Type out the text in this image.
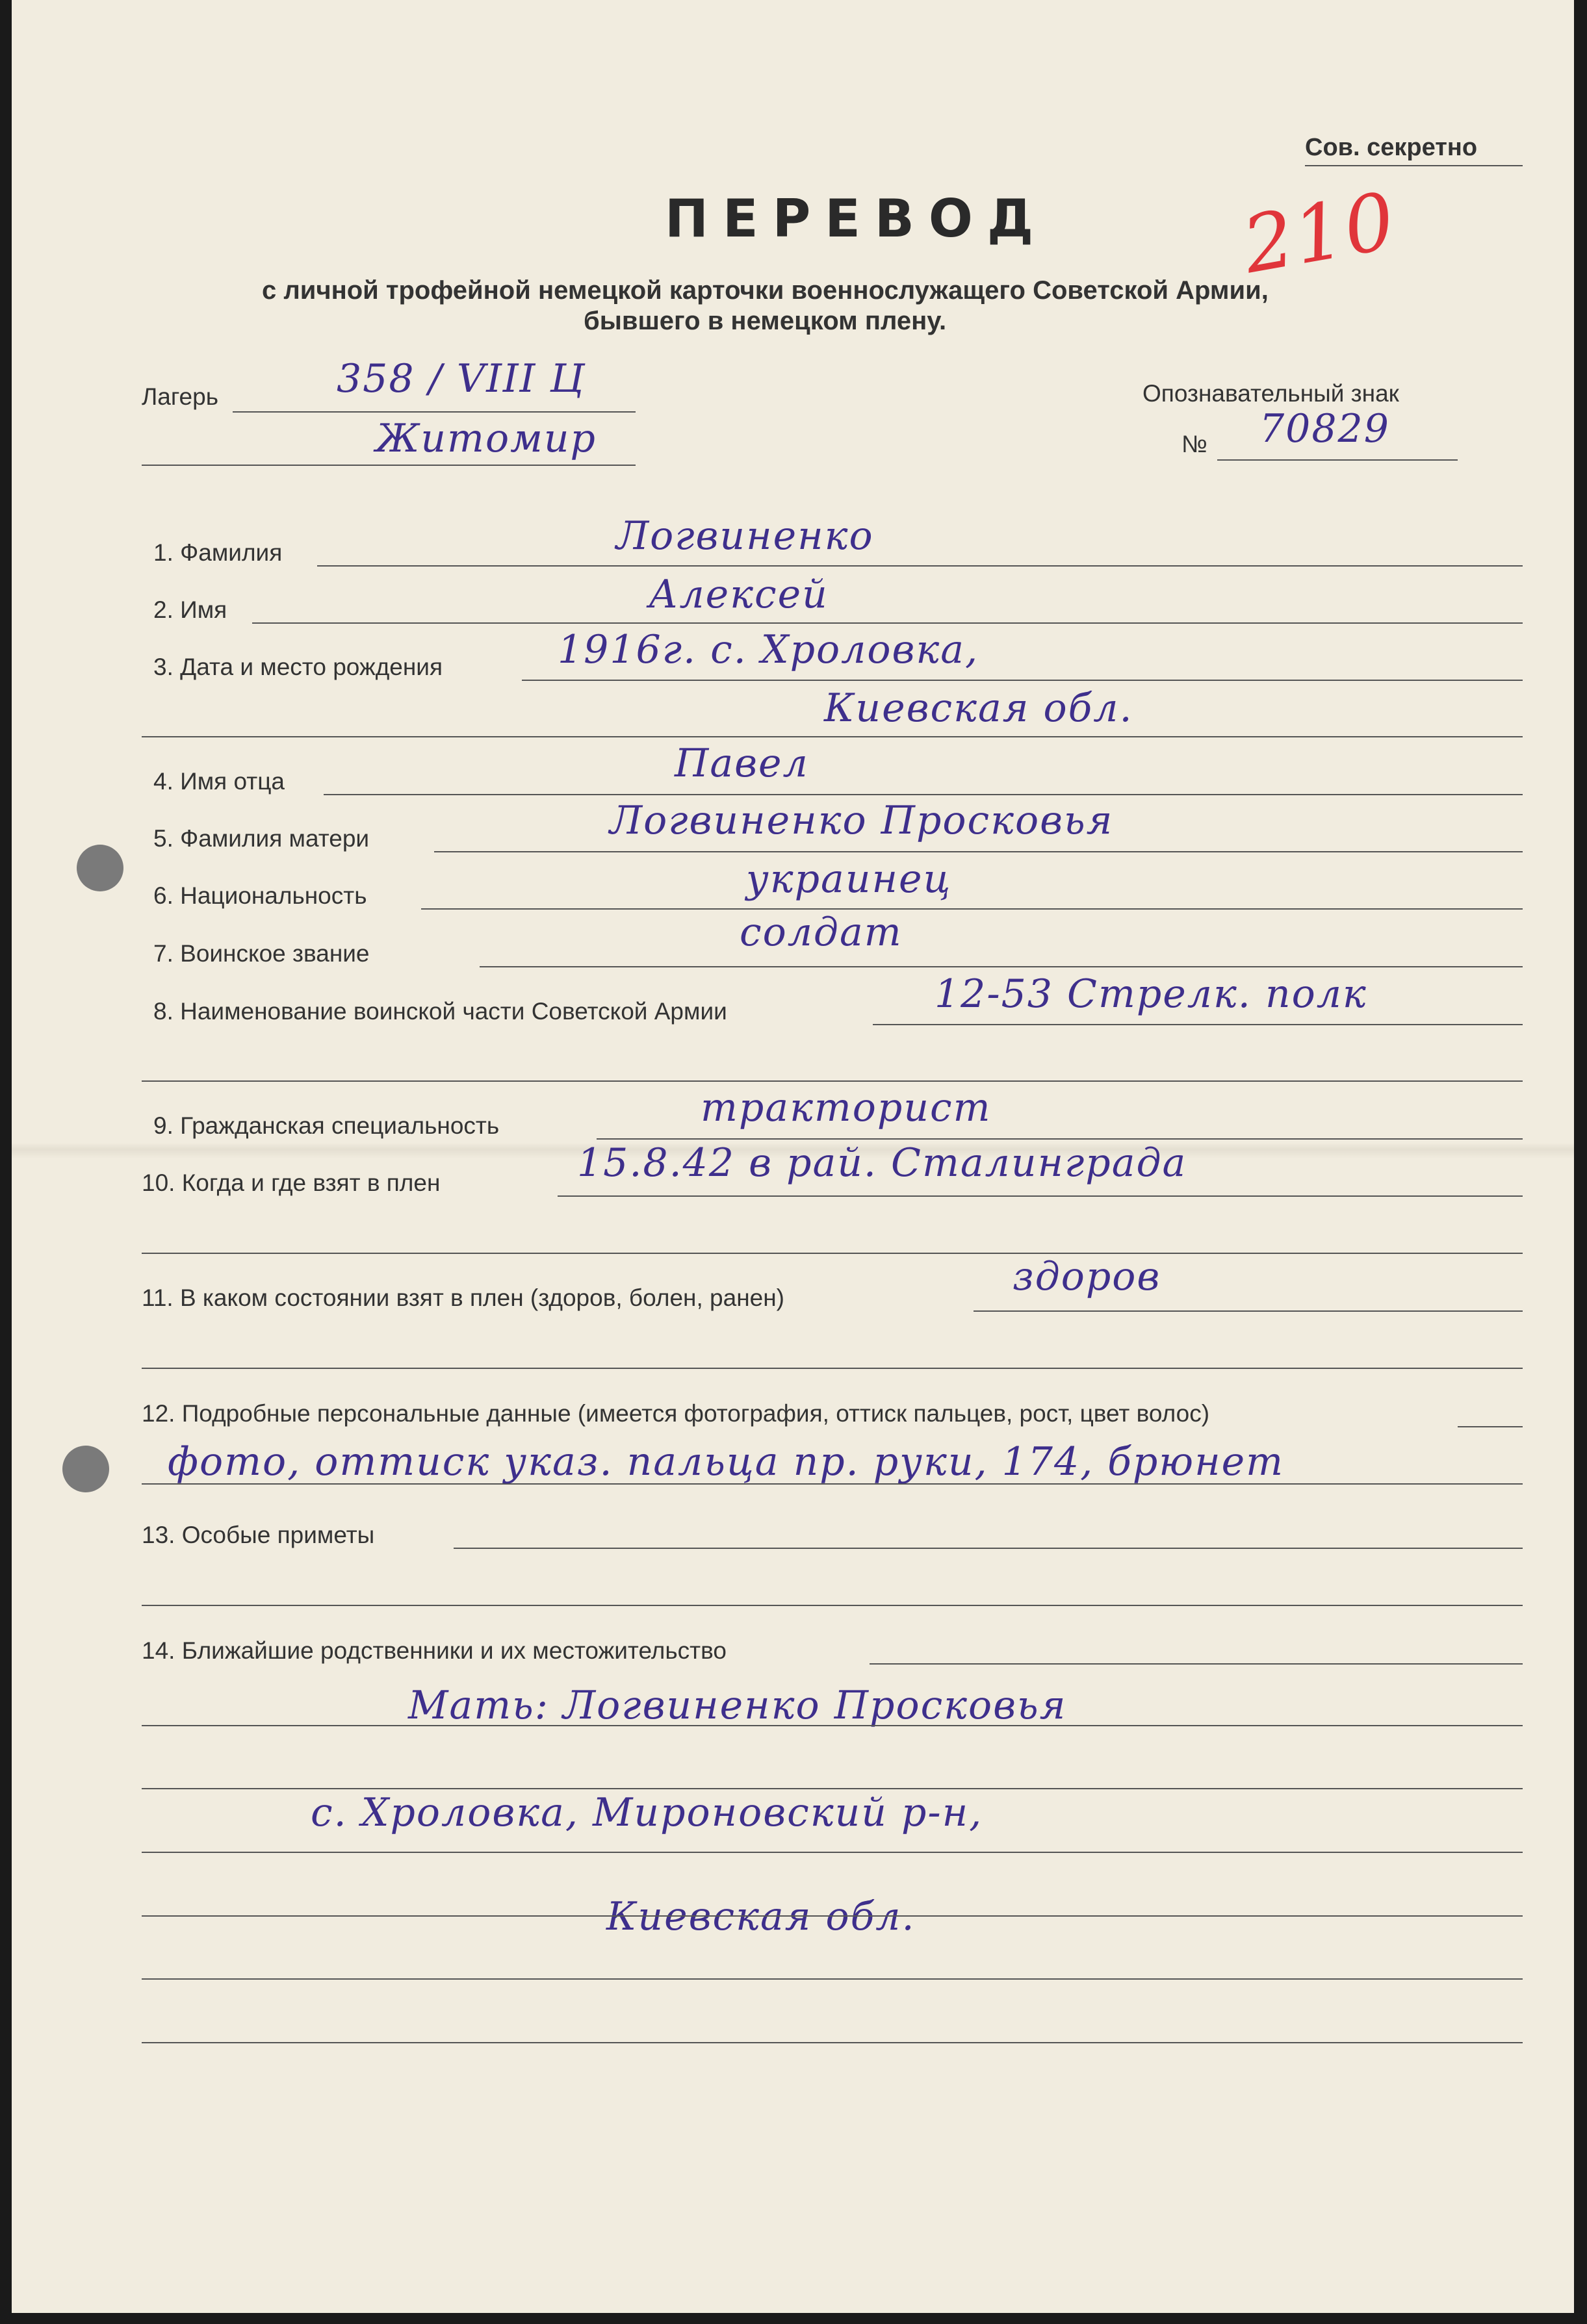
Сов. секретно
ПЕРЕВОД 210
с личной трофейной немецкой карточки военнослужащего Советской Армии,
бывшего в немецком плену.
Лагерь	358 / VIII Ц
Житомир
Опознавательный знак
№ 70829
1. Фамилия	Логвиненко
2. Имя	Алексей
3. Дата и место рождения	1916г. с. Хроловка,
Киевская обл.
4. Имя отца	Павел
5. Фамилия матери	Логвиненко Просковья
6. Национальность	украинец
7. Воинское звание	солдат
8. Наименование воинской части Советской Армии	12-53 Стрелк. полк
9. Гражданская специальность	тракторист
10. Когда и где взят в плен	15.8.42 в рай. Сталинграда
11. В каком состоянии взят в плен (здоров, болен, ранен)	здоров
12. Подробные персональные данные (имеется фотография, оттиск пальцев, рост, цвет волос)
фото, оттиск указ. пальца пр. руки, 174, брюнет
13. Особые приметы
14. Ближайшие родственники и их местожительство
Мать: Логвиненко Просковья
с. Хроловка, Мироновский р-н,
Киевская обл.
